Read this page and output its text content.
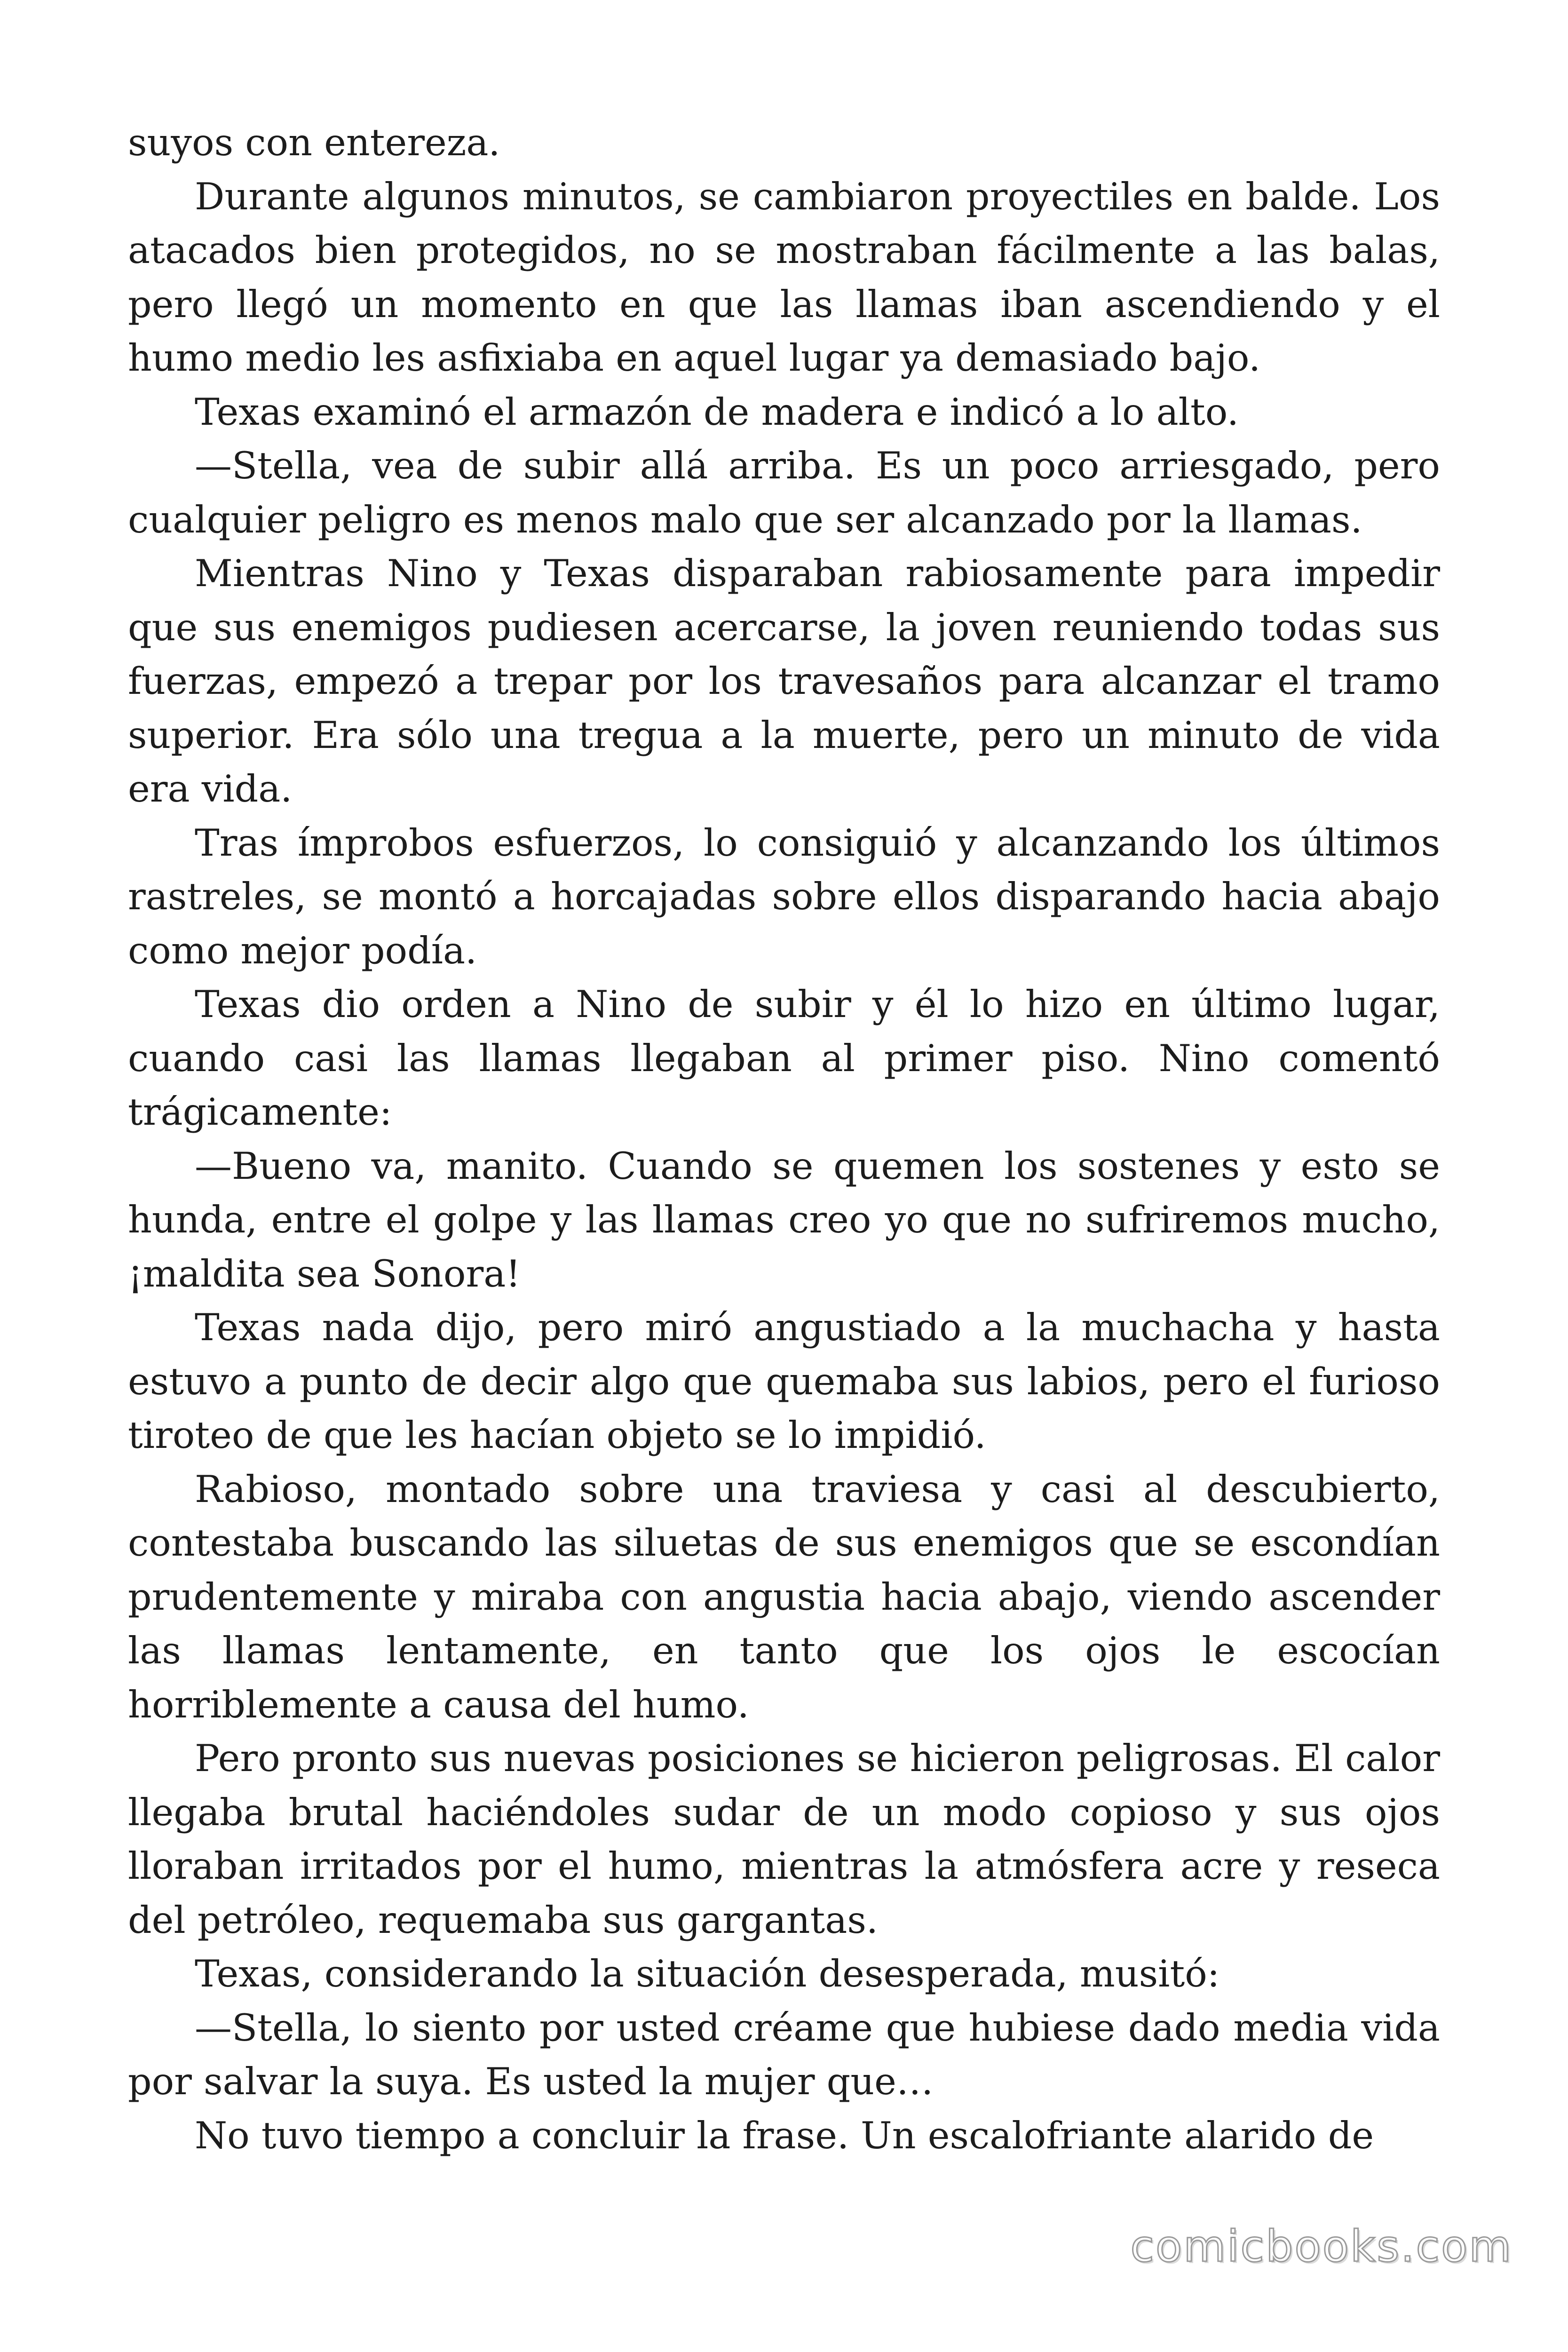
suyos con entereza.

Durante algunos minutos, se cambiaron proyectiles en balde. Los atacados bien protegidos, no se mostraban fácilmente a las balas, pero llegó un momento en que las llamas iban ascendiendo y el humo medio les asfixiaba en aquel lugar ya demasiado bajo.

Texas examinó el armazón de madera e indicó a lo alto.

—Stella, vea de subir allá arriba. Es un poco arriesgado, pero cualquier peligro es menos malo que ser alcanzado por la llamas.

Mientras Nino y Texas disparaban rabiosamente para impedir que sus enemigos pudiesen acercarse, la joven reuniendo todas sus fuerzas, empezó a trepar por los travesaños para alcanzar el tramo superior. Era sólo una tregua a la muerte, pero un minuto de vida era vida.

Tras ímprobos esfuerzos, lo consiguió y alcanzando los últimos rastreles, se montó a horcajadas sobre ellos disparando hacia abajo como mejor podía.

Texas dio orden a Nino de subir y él lo hizo en último lugar, cuando casi las llamas llegaban al primer piso. Nino comentó trágicamente:

—Bueno va, manito. Cuando se quemen los sostenes y esto se hunda, entre el golpe y las llamas creo yo que no sufriremos mucho, ¡maldita sea Sonora!

Texas nada dijo, pero miró angustiado a la muchacha y hasta estuvo a punto de decir algo que quemaba sus labios, pero el furioso tiroteo de que les hacían objeto se lo impidió.

Rabioso, montado sobre una traviesa y casi al descubierto, contestaba buscando las siluetas de sus enemigos que se escondían prudentemente y miraba con angustia hacia abajo, viendo ascender las llamas lentamente, en tanto que los ojos le escocían horriblemente a causa del humo.

Pero pronto sus nuevas posiciones se hicieron peligrosas. El calor llegaba brutal haciéndoles sudar de un modo copioso y sus ojos lloraban irritados por el humo, mientras la atmósfera acre y reseca del petróleo, requemaba sus gargantas.

Texas, considerando la situación desesperada, musitó:

—Stella, lo siento por usted créame que hubiese dado media vida por salvar la suya. Es usted la mujer que…

No tuvo tiempo a concluir la frase. Un escalofriante alarido de

comicbooks.com
